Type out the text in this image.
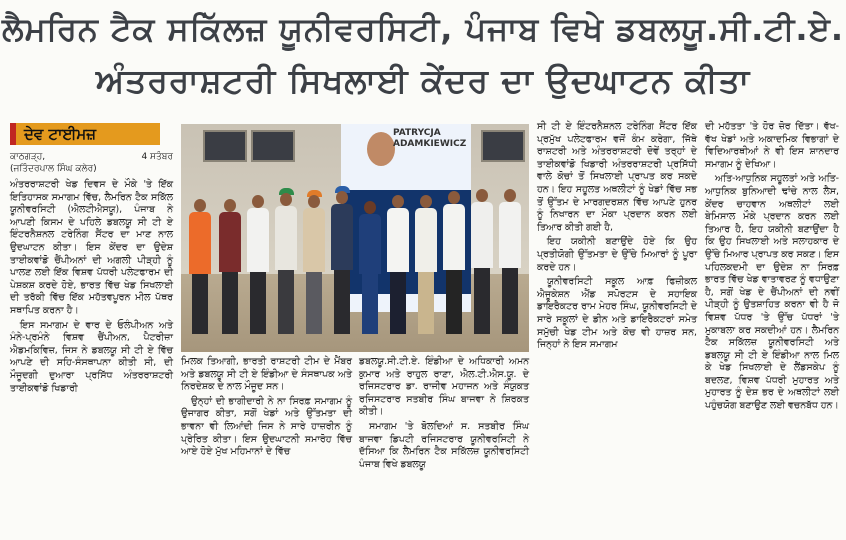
ਲੈਮਰਿਨ ਟੈਕ ਸਕਿੱਲਜ਼ ਯੂਨੀਵਰਸਿਟੀ, ਪੰਜਾਬ ਵਿਖੇ ਡਬਲਯੂ.ਸੀ.ਟੀ.ਏ.
ਅੰਤਰਰਾਸ਼ਟਰੀ ਸਿਖਲਾਈ ਕੇਂਦਰ ਦਾ ਉਦਘਾਟਨ ਕੀਤਾ
ਦੇਵ ਟਾਈਮਜ਼
ਕਾਠਗੜ੍ਹ,	4 ਸਤੰਬਰ
(ਜਤਿੰਦਰਪਾਲ ਸਿੰਘ ਕਲੇਰ)

ਅੰਤਰਰਾਸ਼ਟਰੀ ਖੇਡ ਦਿਵਸ ਦੇ ਮੌਕੇ 'ਤੇ ਇੱਕ ਇਤਿਹਾਸਕ ਸਮਾਗਮ ਵਿੱਚ, ਲੈਮਰਿਨ ਟੈਕ ਸਕਿੱਲ ਯੂਨੀਵਰਸਿਟੀ (ਐਲਟੀਐਸਯੂ), ਪੰਜਾਬ ਨੇ ਆਪਣੀ ਕਿਸਮ ਦੇ ਪਹਿਲੇ ਡਬਲਯੂ ਸੀ ਟੀ ਏ ਇੰਟਰਨੈਸ਼ਨਲ ਟਰੇਨਿੰਗ ਸੈਂਟਰ ਦਾ ਮਾਣ ਨਾਲ ਉਦਘਾਟਨ ਕੀਤਾ। ਇਸ ਕੇਂਦਰ ਦਾ ਉਦੇਸ਼ ਤਾਈਕਵਾਂਡੋ ਚੈਂਪੀਅਨਾਂ ਦੀ ਅਗਲੀ ਪੀੜ੍ਹੀ ਨੂੰ ਪਾਲਣ ਲਈ ਇੱਕ ਵਿਸ਼ਵ ਪੱਧਰੀ ਪਲੇਟਫਾਰਮ ਦੀ ਪੇਸ਼ਕਸ਼ ਕਰਦੇ ਹੋਏ, ਭਾਰਤ ਵਿੱਚ ਖੇਡ ਸਿਖਲਾਈ ਦੀ ਤਰੱਕੀ ਵਿੱਚ ਇੱਕ ਮਹੱਤਵਪੂਰਨ ਮੀਲ ਪੱਥਰ ਸਥਾਪਿਤ ਕਰਨਾ ਹੈ।

ਇਸ ਸਮਾਗਮ ਦੇ ਵਾਰ ਦੇ ਓਲੰਪੀਅਨ ਅਤੇ ਮੰਨੇ-ਪ੍ਰਮੰਨੇ ਵਿਸ਼ਵ ਚੈਂਪੀਅਨ, ਪੈਟਰੀਜ਼ਾ ਐਡਮਕਿਵਿਜ਼, ਜਿਸ ਨੇ ਡਬਲਯੂ ਸੀ ਟੀ ਏ ਵਿੱਚ ਆਪਣੇ ਦੀ ਸਹਿ-ਸੰਸਥਾਪਨਾ ਕੀਤੀ ਸੀ, ਦੀ ਮੌਜੂਦਗੀ ਦੁਆਰਾ ਪ੍ਰਸਿੱਧ ਅੰਤਰਰਾਸ਼ਟਰੀ ਤਾਈਕਵਾਂਡੋ ਖਿਡਾਰੀ

PATRYCJA
ADAMKIEWICZ

ਮਿਲਕ ਤਿਆਗੀ, ਭਾਰਤੀ ਰਾਸ਼ਟਰੀ ਟੀਮ ਦੇ ਮੈਂਬਰ ਅਤੇ ਡਬਲਯੂ ਸੀ ਟੀ ਏ ਇੰਡੀਆ ਦੇ ਸੰਸਥਾਪਕ ਅਤੇ ਨਿਰਦੇਸ਼ਕ ਦੇ ਨਾਲ ਮੌਜੂਦ ਸਨ।

ਉਨ੍ਹਾਂ ਦੀ ਭਾਗੀਦਾਰੀ ਨੇ ਨਾ ਸਿਰਫ਼ ਸਮਾਗਮ ਨੂੰ ਉਜਾਗਰ ਕੀਤਾ, ਸਗੋਂ ਖੇਡਾਂ ਅਤੇ ਉੱਤਮਤਾ ਦੀ ਭਾਵਨਾ ਵੀ ਲਿਆਂਦੀ ਜਿਸ ਨੇ ਸਾਰੇ ਹਾਜ਼ਰੀਨ ਨੂੰ ਪ੍ਰੇਰਿਤ ਕੀਤਾ। ਇਸ ਉਦਘਾਟਨੀ ਸਮਾਰੋਹ ਵਿੱਚ ਆਏ ਹੋਏ ਮੁੱਖ ਮਹਿਮਾਨਾਂ ਦੇ ਵਿੱਚ

ਡਬਲਯੂ.ਸੀ.ਟੀ.ਏ. ਇੰਡੀਆ ਦੇ ਅਧਿਕਾਰੀ ਅਮਨ ਕੁਮਾਰ ਅਤੇ ਰਾਹੁਲ ਰਾਣਾ, ਐਲ.ਟੀ.ਐਸ.ਯੂ. ਦੇ ਰਜਿਸਟਰਾਰ ਡਾ. ਰਾਜੀਵ ਮਹਾਜਨ ਅਤੇ ਸੰਯੁਕਤ ਰਜਿਸਟਰਾਰ ਸਤਬੀਰ ਸਿੰਘ ਬਾਜਵਾ ਨੇ ਸ਼ਿਰਕਤ ਕੀਤੀ।

ਸਮਾਗਮ 'ਤੇ ਬੋਲਦਿਆਂ ਸ. ਸਤਬੀਰ ਸਿੰਘ ਬਾਜਵਾ ਡਿਪਟੀ ਰਜਿਸਟਰਾਰ ਯੂਨੀਵਰਸਿਟੀ ਨੇ ਦੱਸਿਆ ਕਿ ਲੈਮਰਿਨ ਟੈਕ ਸਕਿੱਲਜ਼ ਯੂਨੀਵਰਸਿਟੀ ਪੰਜਾਬ ਵਿਖੇ ਡਬਲਯੂ

ਸੀ ਟੀ ਏ ਇੰਟਰਨੈਸ਼ਨਲ ਟਰੇਨਿੰਗ ਸੈਂਟਰ ਇੱਕ ਪ੍ਰਮੁੱਖ ਪਲੇਟਫਾਰਮ ਵਜੋਂ ਕੰਮ ਕਰੇਗਾ, ਜਿੱਥੇ ਰਾਸ਼ਟਰੀ ਅਤੇ ਅੰਤਰਰਾਸ਼ਟਰੀ ਦੋਵੇਂ ਤਰ੍ਹਾਂ ਦੇ ਤਾਈਕਵਾਂਡੋ ਖਿਡਾਰੀ ਅੰਤਰਰਾਸ਼ਟਰੀ ਪ੍ਰਸਿੱਧੀ ਵਾਲੇ ਕੋਚਾਂ ਤੋਂ ਸਿਖਲਾਈ ਪ੍ਰਾਪਤ ਕਰ ਸਕਦੇ ਹਨ। ਇਹ ਸਹੂਲਤ ਅਥਲੀਟਾਂ ਨੂੰ ਖੇਡਾਂ ਵਿੱਚ ਸਭ ਤੋਂ ਉੱਤਮ ਦੇ ਮਾਰਗਦਰਸ਼ਨ ਵਿੱਚ ਆਪਣੇ ਹੁਨਰ ਨੂੰ ਨਿਖਾਰਨ ਦਾ ਮੌਕਾ ਪ੍ਰਦਾਨ ਕਰਨ ਲਈ ਤਿਆਰ ਕੀਤੀ ਗਈ ਹੈ,

ਇਹ ਯਕੀਨੀ ਬਣਾਉਂਦੇ ਹੋਏ ਕਿ ਉਹ ਪ੍ਰਤੀਯੋਗੀ ਉੱਤਮਤਾ ਦੇ ਉੱਚੇ ਮਿਆਰਾਂ ਨੂੰ ਪੂਰਾ ਕਰਦੇ ਹਨ।

ਯੂਨੀਵਰਸਿਟੀ ਸਕੂਲ ਆਫ਼ ਫਿਜ਼ੀਕਲ ਐਜੂਕੇਸ਼ਨ ਐਂਡ ਸਪੋਰਟਸ ਦੇ ਸਹਾਇਕ ਡਾਇਰੈਕਟਰ ਰਾਮ ਮੇਹਰ ਸਿੰਘ, ਯੂਨੀਵਰਸਿਟੀ ਦੇ ਸਾਰੇ ਸਕੂਲਾਂ ਦੇ ਡੀਨ ਅਤੇ ਡਾਇਰੈਕਟਰਾਂ ਸਮੇਤ ਸਮੁੱਚੀ ਖੇਡ ਟੀਮ ਅਤੇ ਕੋਚ ਵੀ ਹਾਜ਼ਰ ਸਨ, ਜਿਨ੍ਹਾਂ ਨੇ ਇਸ ਸਮਾਗਮ

ਦੀ ਮਹੱਤਤਾ 'ਤੇ ਹੋਰ ਜ਼ੋਰ ਦਿੱਤਾ। ਵੱਖ-ਵੱਖ ਖੇਡਾਂ ਅਤੇ ਅਕਾਦਮਿਕ ਵਿਭਾਗਾਂ ਦੇ ਵਿਦਿਆਰਥੀਆਂ ਨੇ ਵੀ ਇਸ ਸ਼ਾਨਦਾਰ ਸਮਾਗਮ ਨੂੰ ਦੇਖਿਆ।

ਅਤਿ-ਆਧੁਨਿਕ ਸਹੂਲਤਾਂ ਅਤੇ ਅਤਿ-ਆਧੁਨਿਕ ਬੁਨਿਆਦੀ ਢਾਂਚੇ ਨਾਲ ਲੈਸ, ਕੇਂਦਰ ਚਾਹਵਾਨ ਅਥਲੀਟਾਂ ਲਈ ਬੇਮਿਸਾਲ ਮੌਕੇ ਪ੍ਰਦਾਨ ਕਰਨ ਲਈ ਤਿਆਰ ਹੈ, ਇਹ ਯਕੀਨੀ ਬਣਾਉਂਦਾ ਹੈ ਕਿ ਉਹ ਸਿਖਲਾਈ ਅਤੇ ਸਲਾਹਕਾਰ ਦੇ ਉੱਚੇ ਮਿਆਰ ਪ੍ਰਾਪਤ ਕਰ ਸਕਣ। ਇਸ ਪਹਿਲਕਦਮੀ ਦਾ ਉਦੇਸ਼ ਨਾ ਸਿਰਫ਼ ਭਾਰਤ ਵਿੱਚ ਖੇਡ ਵਾਤਾਵਰਣ ਨੂੰ ਵਧਾਉਣਾ ਹੈ, ਸਗੋਂ ਖੇਡ ਦੇ ਚੈਂਪੀਅਨਾਂ ਦੀ ਨਵੀਂ ਪੀੜ੍ਹੀ ਨੂੰ ਉਤਸ਼ਾਹਿਤ ਕਰਨਾ ਵੀ ਹੈ ਜੋ ਵਿਸ਼ਵ ਪੱਧਰ 'ਤੇ ਉੱਚ ਪੱਧਰਾਂ 'ਤੇ ਮੁਕਾਬਲਾ ਕਰ ਸਕਦੀਆਂ ਹਨ। ਲੈਮਰਿਨ ਟੈਕ ਸਕਿੱਲਜ਼ ਯੂਨੀਵਰਸਿਟੀ ਅਤੇ ਡਬਲਯੂ ਸੀ ਟੀ ਏ ਇੰਡੀਆ ਨਾਲ ਮਿਲ ਕੇ ਖੇਡ ਸਿਖਲਾਈ ਦੇ ਲੈਂਡਸਕੇਪ ਨੂੰ ਬਦਲਣ, ਵਿਸ਼ਵ ਪੱਧਰੀ ਮੁਹਾਰਤ ਅਤੇ ਮੁਹਾਰਤ ਨੂੰ ਦੇਸ਼ ਭਰ ਦੇ ਅਥਲੀਟਾਂ ਲਈ ਪਹੁੰਚਯੋਗ ਬਣਾਉਣ ਲਈ ਵਚਨਬੱਧ ਹਨ।
